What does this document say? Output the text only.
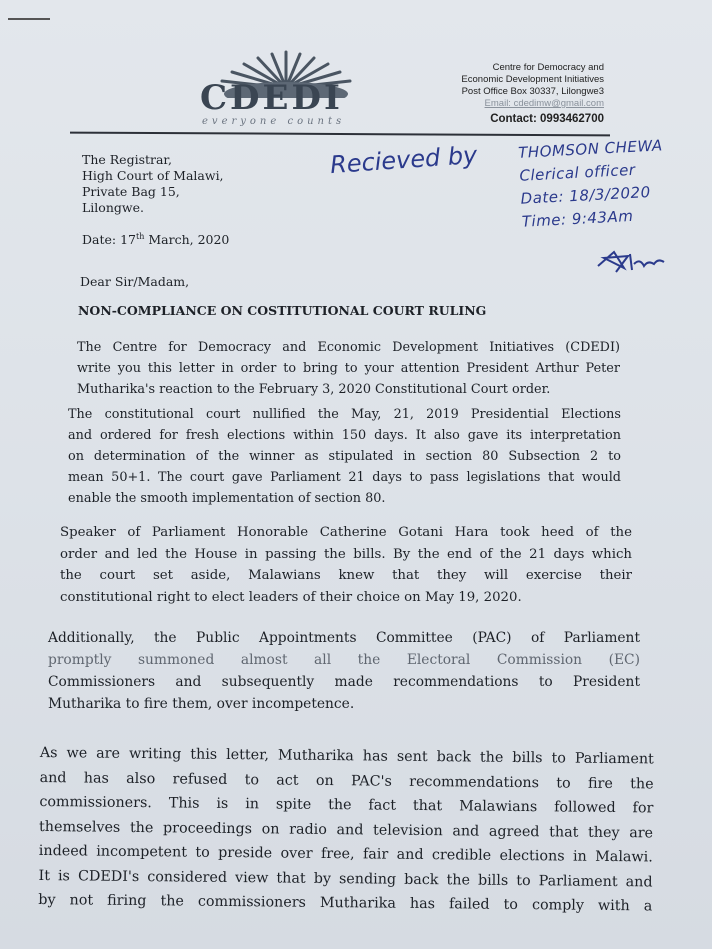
CDEDI
everyone counts
Centre for Democracy and
Economic Development Initiatives
Post Office Box 30337, Lilongwe3
Email: cdedimw@gmail.com
Contact: 0993462700
The Registrar,
High Court of Malawi,
Private Bag 15,
Lilongwe.
Date: 17th March, 2020
Recieved by	THOMSON CHEWA
Clerical officer
Date: 18/3/2020
Time: 9:43Am
Dear Sir/Madam,
NON-COMPLIANCE ON COSTITUTIONAL COURT RULING
The Centre for Democracy and Economic Development Initiatives (CDEDI)
write you this letter in order to bring to your attention President Arthur Peter
Mutharika's reaction to the February 3, 2020 Constitutional Court order.
The constitutional court nullified the May, 21, 2019 Presidential Elections
and ordered for fresh elections within 150 days. It also gave its interpretation
on determination of the winner as stipulated in section 80 Subsection 2 to
mean 50+1. The court gave Parliament 21 days to pass legislations that would
enable the smooth implementation of section 80.
Speaker of Parliament Honorable Catherine Gotani Hara took heed of the
order and led the House in passing the bills. By the end of the 21 days which
the court set aside, Malawians knew that they will exercise their
constitutional right to elect leaders of their choice on May 19, 2020.
Additionally, the Public Appointments Committee (PAC) of Parliament
promptly summoned almost all the Electoral Commission (EC)
Commissioners and subsequently made recommendations to President
Mutharika to fire them, over incompetence.
As we are writing this letter, Mutharika has sent back the bills to Parliament
and has also refused to act on PAC's recommendations to fire the
commissioners. This is in spite the fact that Malawians followed for
themselves the proceedings on radio and television and agreed that they are
indeed incompetent to preside over free, fair and credible elections in Malawi.
It is CDEDI's considered view that by sending back the bills to Parliament and
by not firing the commissioners Mutharika has failed to comply with a
